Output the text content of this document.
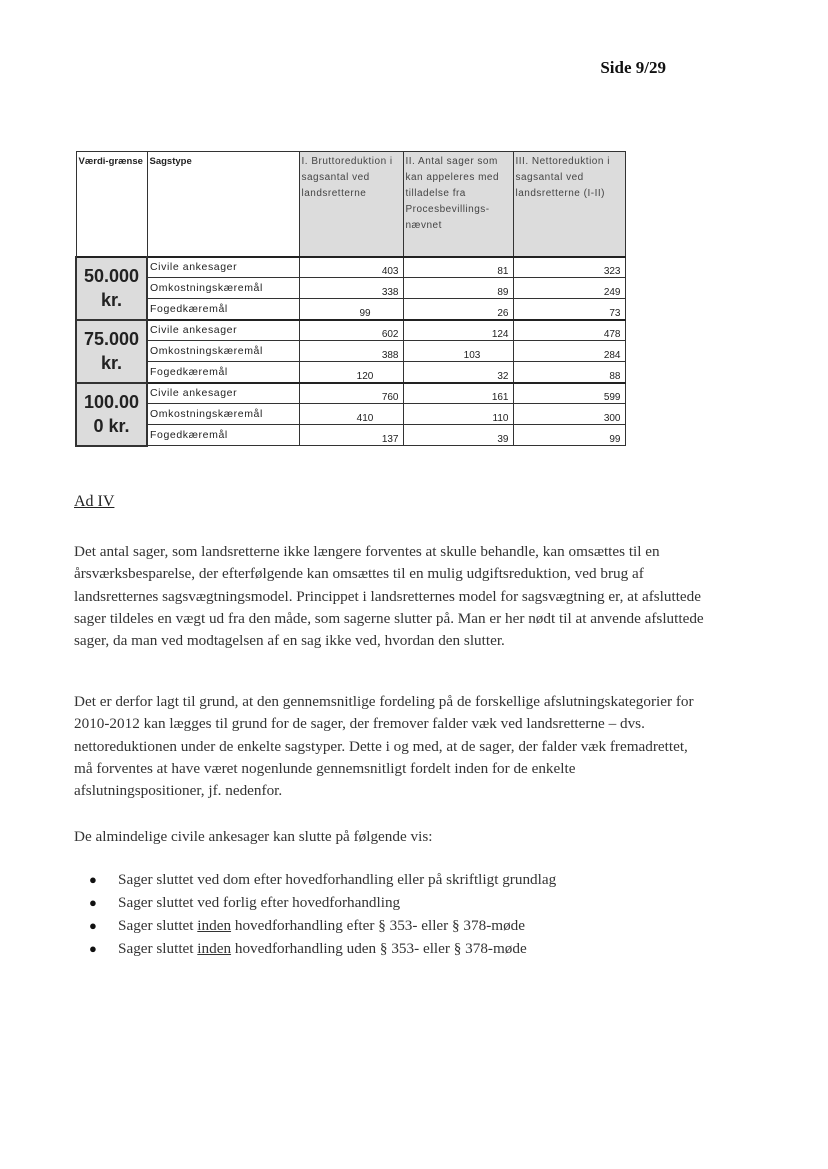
Side 9/29
Værdi-grænse	Sagstype	I. Bruttoreduktion i sagsantal ved landsretterne	II. Antal sager som kan appeleres med tilladelse fra Procesbevillings-nævnet	III. Nettoreduktion i sagsantal ved landsretterne (I-II)
50.000
kr.	Civile ankesager	403	81	323
	Omkostningskæremål	338	89	249
	Fogedkæremål	99	26	73
75.000
kr.	Civile ankesager	602	124	478
	Omkostningskæremål	388	103	284
	Fogedkæremål	120	32	88
100.00
0 kr.	Civile ankesager	760	161	599
	Omkostningskæremål	410	110	300
	Fogedkæremål	137	39	99
Ad IV

Det antal sager, som landsretterne ikke længere forventes at skulle behandle, kan omsættes til en årsværksbesparelse, der efterfølgende kan omsættes til en mulig udgiftsreduktion, ved brug af landsretternes sagsvægtningsmodel. Princippet i landsretternes model for sagsvægtning er, at afsluttede sager tildeles en vægt ud fra den måde, som sagerne slutter på. Man er her nødt til at anvende afsluttede sager, da man ved modtagelsen af en sag ikke ved, hvordan den slutter.

Det er derfor lagt til grund, at den gennemsnitlige fordeling på de forskellige afslutningskategorier for 2010-2012 kan lægges til grund for de sager, der fremover falder væk ved landsretterne – dvs. nettoreduktionen under de enkelte sagstyper. Dette i og med, at de sager, der falder væk fremadrettet, må forventes at have været nogenlunde gennemsnitligt fordelt inden for de enkelte afslutningspositioner, jf. nedenfor.

De almindelige civile ankesager kan slutte på følgende vis:

● Sager sluttet ved dom efter hovedforhandling eller på skriftligt grundlag
● Sager sluttet ved forlig efter hovedforhandling
● Sager sluttet inden hovedforhandling efter § 353- eller § 378-møde
● Sager sluttet inden hovedforhandling uden § 353- eller § 378-møde
